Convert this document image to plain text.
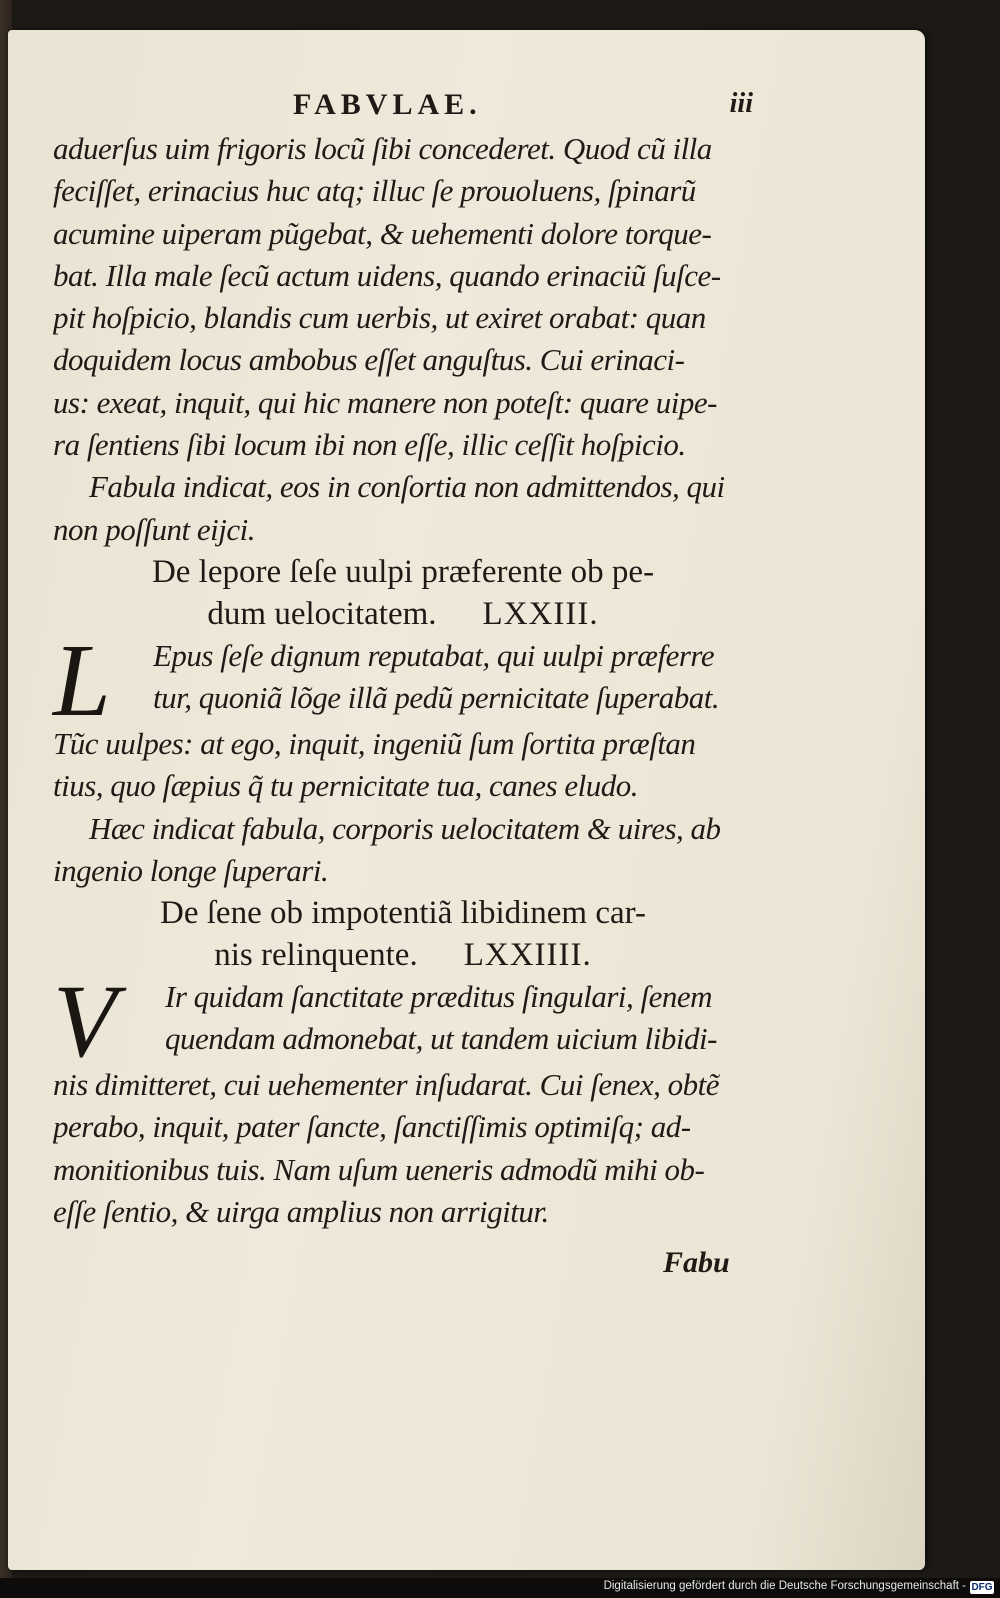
FABVLAE.	iii
aduerſus uim frigoris locũ ſibi concederet. Quod cũ illa
feciſſet, erinacius huc atq; illuc ſe prouoluens, ſpinarũ
acumine uiperam pũgebat, & uehementi dolore torque-
bat. Illa male ſecũ actum uidens, quando erinaciũ ſuſce-
pit hoſpicio, blandis cum uerbis, ut exiret orabat: quan
doquidem locus ambobus eſſet anguſtus. Cui erinaci-
us: exeat, inquit, qui hic manere non poteſt: quare uipe-
ra ſentiens ſibi locum ibi non eſſe, illic ceſſit hoſpicio.
Fabula indicat, eos in conſortia non admittendos, qui
non poſſunt eijci.
De lepore ſeſe uulpi præferente ob pe-
dum uelocitatem. LXXIII.
L	Epus ſeſe dignum reputabat, qui uulpi præferre
tur, quoniã lõge illã pedũ pernicitate ſuperabat.
Tũc uulpes: at ego, inquit, ingeniũ ſum ſortita præſtan
tius, quo ſæpius q̃ tu pernicitate tua, canes eludo.
Hæc indicat fabula, corporis uelocitatem & uires, ab
ingenio longe ſuperari.
De ſene ob impotentiã libidinem car-
nis relinquente. LXXIIII.
V	Ir quidam ſanctitate præditus ſingulari, ſenem
quendam admonebat, ut tandem uicium libidi-
nis dimitteret, cui uehementer inſudarat. Cui ſenex, obtẽ
perabo, inquit, pater ſancte, ſanctiſſimis optimiſq; ad-
monitionibus tuis. Nam uſum ueneris admodũ mihi ob-
eſſe ſentio, & uirga amplius non arrigitur.
Fabu
Digitalisierung gefördert durch die Deutsche Forschungsgemeinschaft - DFG
